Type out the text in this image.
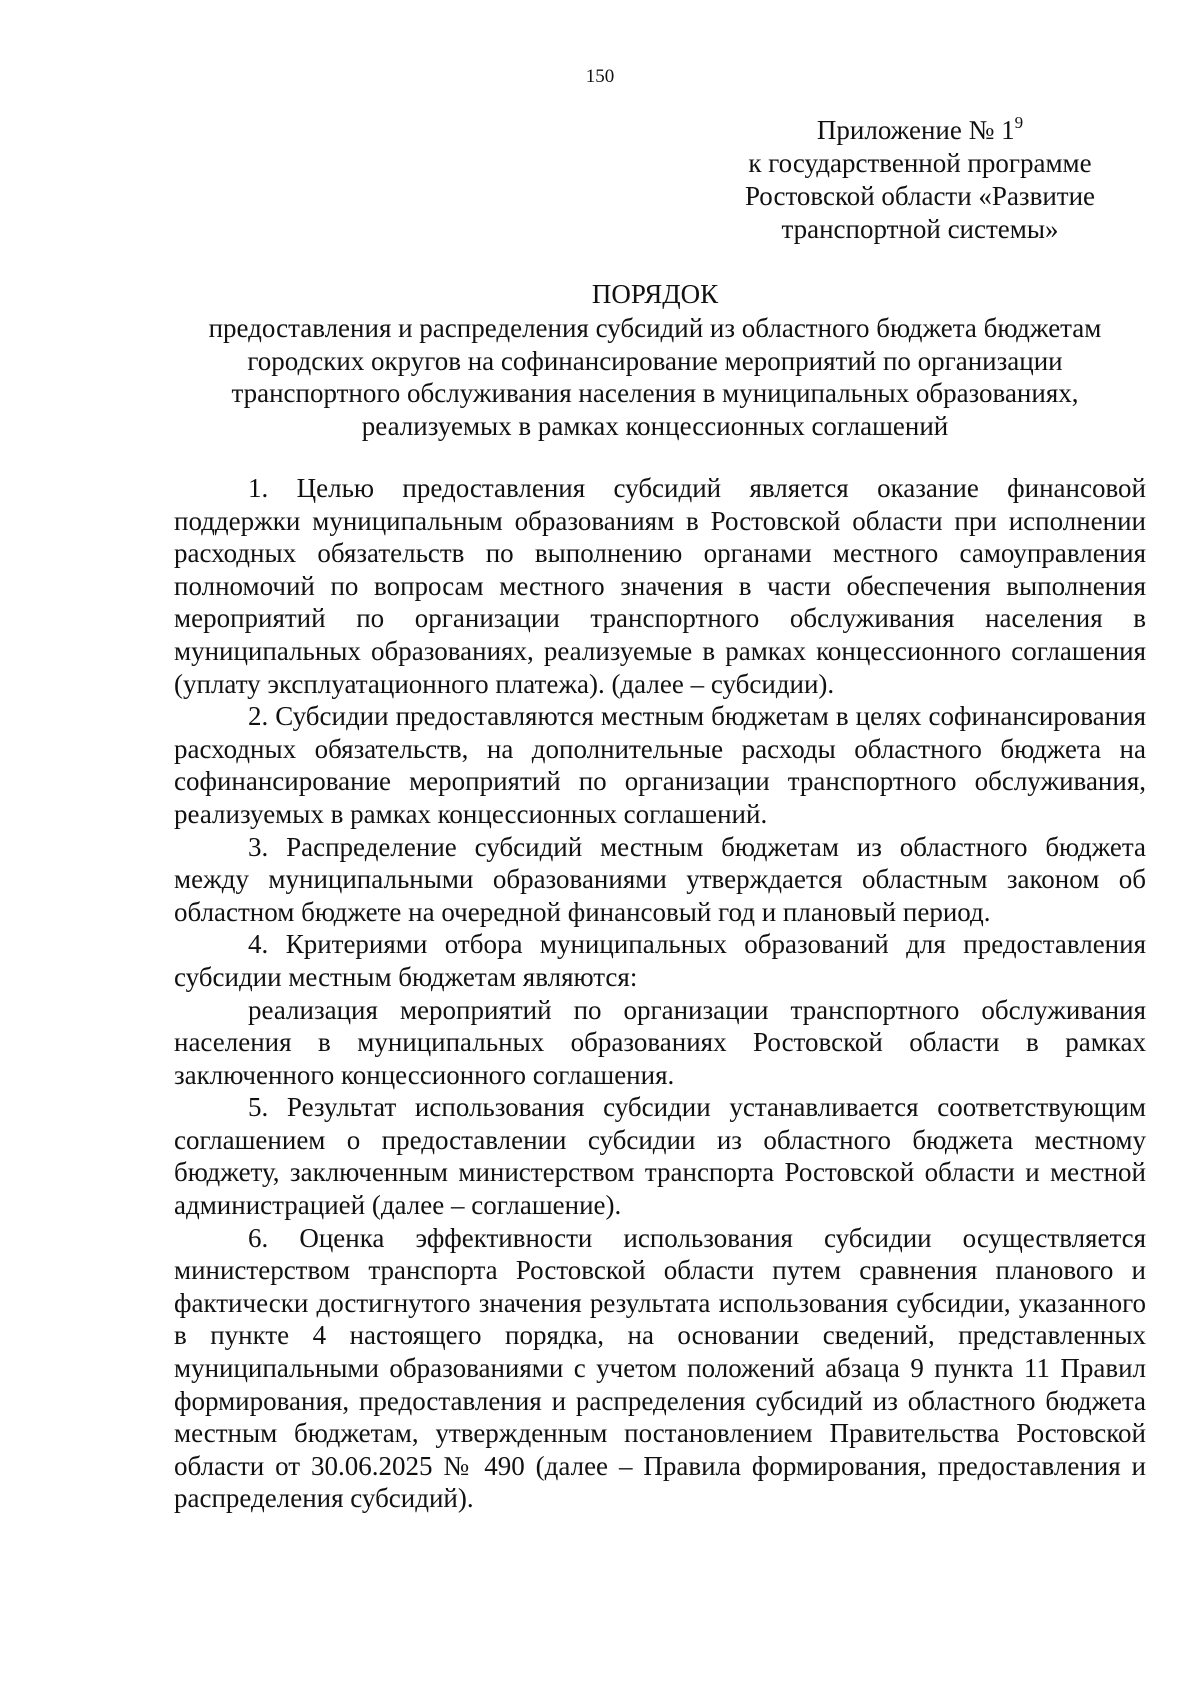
150
Приложение № $1^9$
к государственной программе
Ростовской области «Развитие
транспортной системы»
ПОРЯДОК
предоставления и распределения субсидий из областного бюджета бюджетам
городских округов на софинансирование мероприятий по организации
транспортного обслуживания населения в муниципальных образованиях,
реализуемых в рамках концессионных соглашений

1. Целью предоставления субсидий является оказание финансовой поддержки муниципальным образованиям в Ростовской области при исполнении расходных обязательств по выполнению органами местного самоуправления полномочий по вопросам местного значения в части обеспечения выполнения мероприятий по организации транспортного обслуживания населения в муниципальных образованиях, реализуемые в рамках концессионного соглашения (уплату эксплуатационного платежа). (далее – субсидии).

2. Субсидии предоставляются местным бюджетам в целях софинансирования расходных обязательств, на дополнительные расходы областного бюджета на софинансирование мероприятий по организации транспортного обслуживания, реализуемых в рамках концессионных соглашений.

3. Распределение субсидий местным бюджетам из областного бюджета между муниципальными образованиями утверждается областным законом об областном бюджете на очередной финансовый год и плановый период.

4. Критериями отбора муниципальных образований для предоставления субсидии местным бюджетам являются:

реализация мероприятий по организации транспортного обслуживания населения в муниципальных образованиях Ростовской области в рамках заключенного концессионного соглашения.

5. Результат использования субсидии устанавливается соответствующим соглашением о предоставлении субсидии из областного бюджета местному бюджету, заключенным министерством транспорта Ростовской области и местной администрацией (далее – соглашение).

6. Оценка эффективности использования субсидии осуществляется министерством транспорта Ростовской области путем сравнения планового и фактически достигнутого значения результата использования субсидии, указанного в пункте 4 настоящего порядка, на основании сведений, представленных муниципальными образованиями с учетом положений абзаца 9 пункта 11 Правил формирования, предоставления и распределения субсидий из областного бюджета местным бюджетам, утвержденным постановлением Правительства Ростовской области от 30.06.2025 № 490 (далее – Правила формирования, предоставления и распределения субсидий).
